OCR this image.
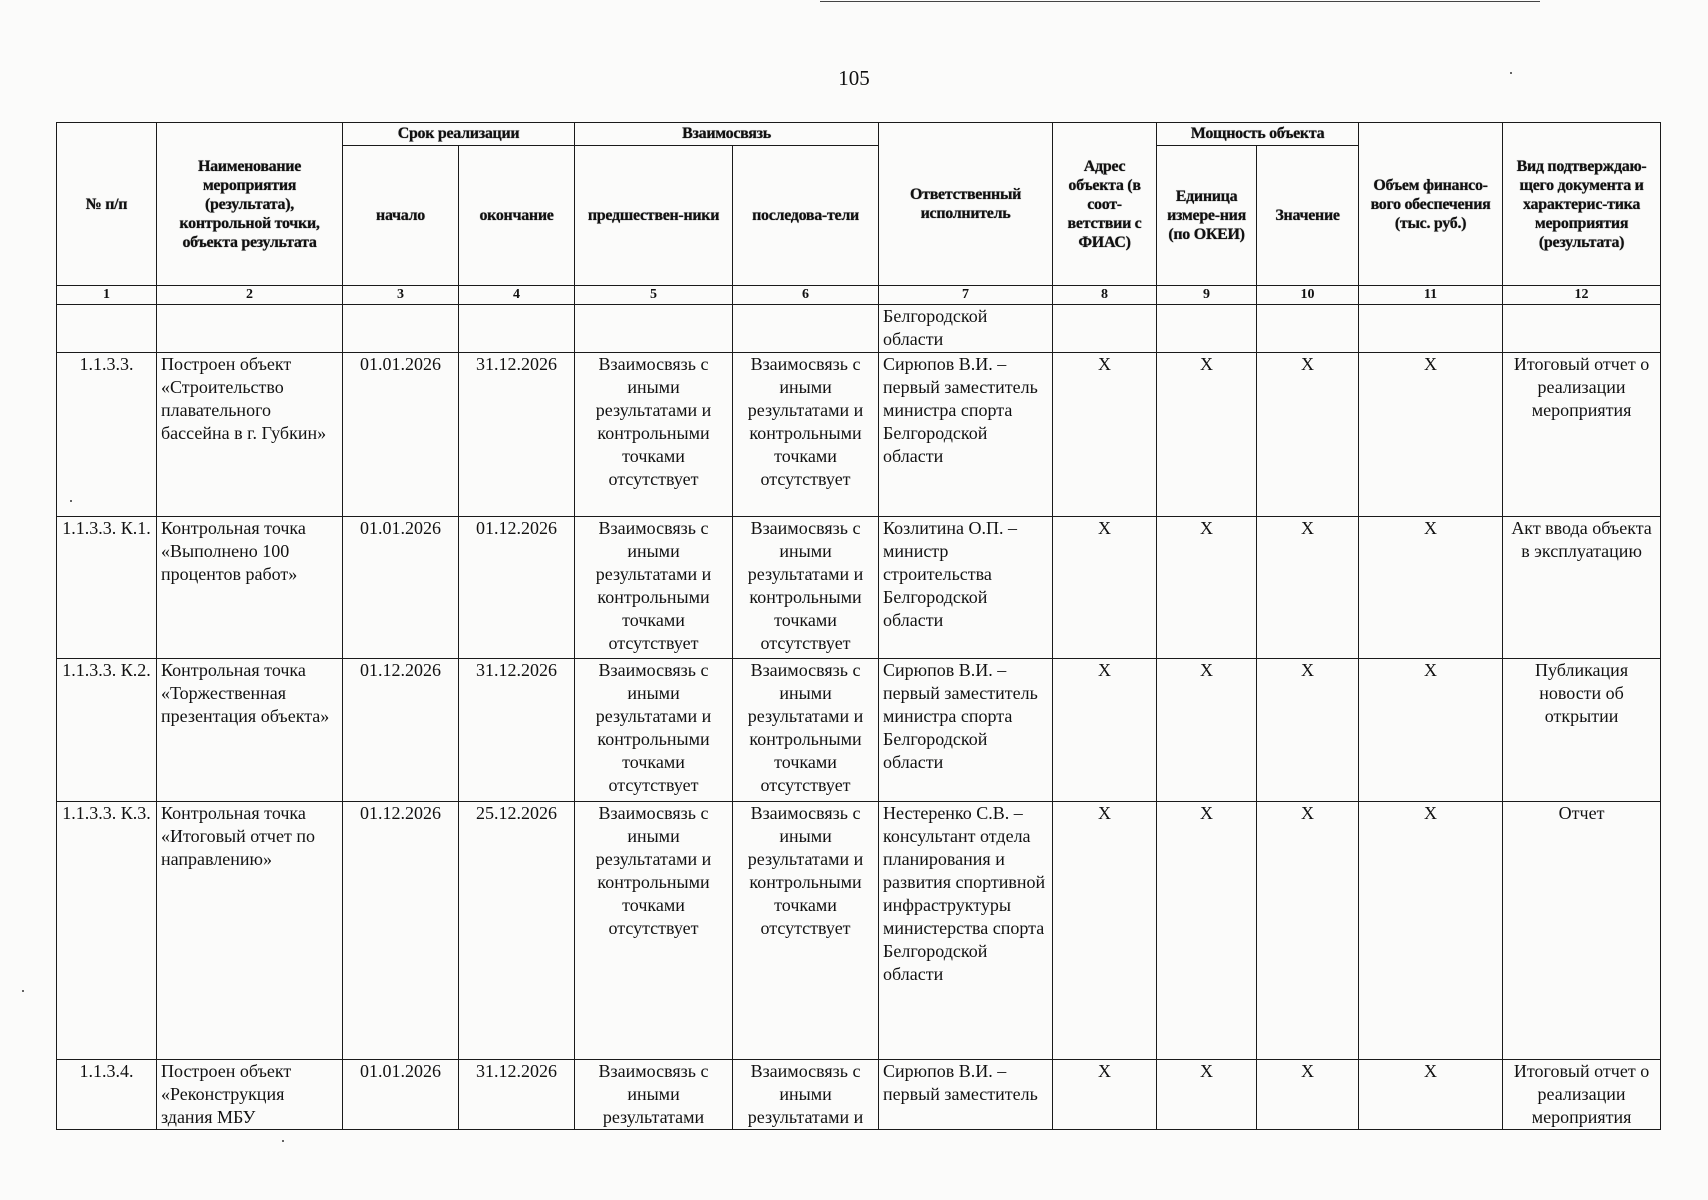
105
№ п/п	Наименование мероприятия (результата), контрольной точки, объекта результата	Срок реализации		Взаимосвязь		Ответственный исполнитель	Адрес объекта (в соот-ветствии с ФИАС)	Мощность объекта		Объем финансо-вого обеспечения (тыс. руб.)	Вид подтверждаю-щего документа и характерис-тика мероприятия (результата)
		начало	окончание	предшествен-ники	последова-тели			Единица измере-ния (по ОКЕИ)	Значение		
1	2	3	4	5	6	7	8	9	10	11	12
						Белгородской области					
1.1.3.3.	Построен объект «Строительство плавательного бассейна в г. Губкин»	01.01.2026	31.12.2026	Взаимосвязь с иными результатами и контрольными точками отсутствует	Взаимосвязь с иными результатами и контрольными точками отсутствует	Сирюпов В.И. – первый заместитель министра спорта Белгородской области	X	X	X	X	Итоговый отчет о реализации мероприятия
1.1.3.3. К.1.	Контрольная точка «Выполнено 100 процентов работ»	01.01.2026	01.12.2026	Взаимосвязь с иными результатами и контрольными точками отсутствует	Взаимосвязь с иными результатами и контрольными точками отсутствует	Козлитина О.П. – министр строительства Белгородской области	X	X	X	X	Акт ввода объекта в эксплуатацию
1.1.3.3. К.2.	Контрольная точка «Торжественная презентация объекта»	01.12.2026	31.12.2026	Взаимосвязь с иными результатами и контрольными точками отсутствует	Взаимосвязь с иными результатами и контрольными точками отсутствует	Сирюпов В.И. – первый заместитель министра спорта Белгородской области	X	X	X	X	Публикация новости об открытии
1.1.3.3. К.3.	Контрольная точка «Итоговый отчет по направлению»	01.12.2026	25.12.2026	Взаимосвязь с иными результатами и контрольными точками отсутствует	Взаимосвязь с иными результатами и контрольными точками отсутствует	Нестеренко С.В. – консультант отдела планирования и развития спортивной инфраструктуры министерства спорта Белгородской области	X	X	X	X	Отчет
1.1.3.4.	Построен объект «Реконструкция здания МБУ	01.01.2026	31.12.2026	Взаимосвязь с иными результатами	Взаимосвязь с иными результатами и	Сирюпов В.И. – первый заместитель	X	X	X	X	Итоговый отчет о реализации мероприятия
